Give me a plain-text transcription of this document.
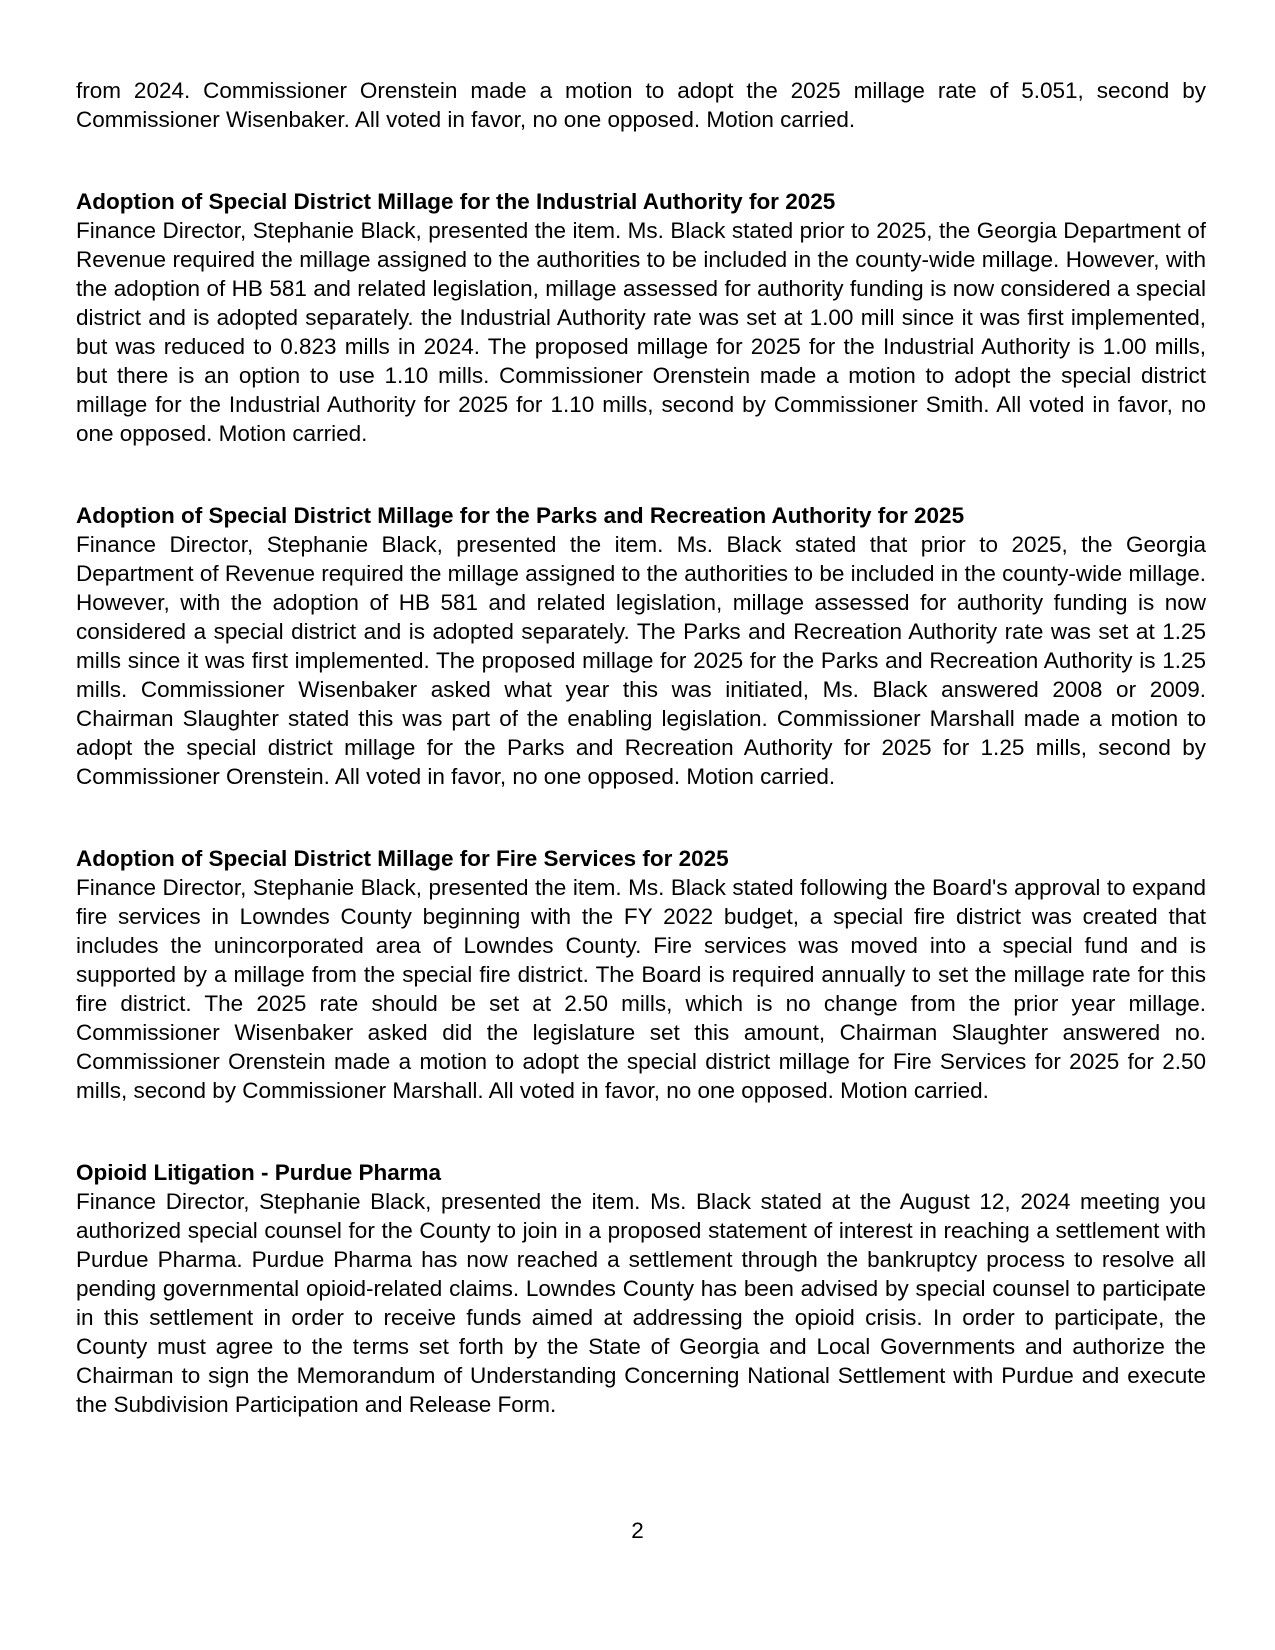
from 2024. Commissioner Orenstein made a motion to adopt the 2025 millage rate of 5.051, second by Commissioner Wisenbaker. All voted in favor, no one opposed. Motion carried.

Adoption of Special District Millage for the Industrial Authority for 2025

Finance Director, Stephanie Black, presented the item. Ms. Black stated prior to 2025, the Georgia Department of Revenue required the millage assigned to the authorities to be included in the county-wide millage. However, with the adoption of HB 581 and related legislation, millage assessed for authority funding is now considered a special district and is adopted separately. the Industrial Authority rate was set at 1.00 mill since it was first implemented, but was reduced to 0.823 mills in 2024. The proposed millage for 2025 for the Industrial Authority is 1.00 mills, but there is an option to use 1.10 mills. Commissioner Orenstein made a motion to adopt the special district millage for the Industrial Authority for 2025 for 1.10 mills, second by Commissioner Smith. All voted in favor, no one opposed. Motion carried.

Adoption of Special District Millage for the Parks and Recreation Authority for 2025

Finance Director, Stephanie Black, presented the item. Ms. Black stated that prior to 2025, the Georgia Department of Revenue required the millage assigned to the authorities to be included in the county-wide millage. However, with the adoption of HB 581 and related legislation, millage assessed for authority funding is now considered a special district and is adopted separately. The Parks and Recreation Authority rate was set at 1.25 mills since it was first implemented. The proposed millage for 2025 for the Parks and Recreation Authority is 1.25 mills. Commissioner Wisenbaker asked what year this was initiated, Ms. Black answered 2008 or 2009. Chairman Slaughter stated this was part of the enabling legislation. Commissioner Marshall made a motion to adopt the special district millage for the Parks and Recreation Authority for 2025 for 1.25 mills, second by Commissioner Orenstein. All voted in favor, no one opposed. Motion carried.

Adoption of Special District Millage for Fire Services for 2025

Finance Director, Stephanie Black, presented the item. Ms. Black stated following the Board's approval to expand fire services in Lowndes County beginning with the FY 2022 budget, a special fire district was created that includes the unincorporated area of Lowndes County. Fire services was moved into a special fund and is supported by a millage from the special fire district. The Board is required annually to set the millage rate for this fire district. The 2025 rate should be set at 2.50 mills, which is no change from the prior year millage. Commissioner Wisenbaker asked did the legislature set this amount, Chairman Slaughter answered no. Commissioner Orenstein made a motion to adopt the special district millage for Fire Services for 2025 for 2.50 mills, second by Commissioner Marshall. All voted in favor, no one opposed. Motion carried.

Opioid Litigation - Purdue Pharma

Finance Director, Stephanie Black, presented the item. Ms. Black stated at the August 12, 2024 meeting you authorized special counsel for the County to join in a proposed statement of interest in reaching a settlement with Purdue Pharma. Purdue Pharma has now reached a settlement through the bankruptcy process to resolve all pending governmental opioid-related claims. Lowndes County has been advised by special counsel to participate in this settlement in order to receive funds aimed at addressing the opioid crisis. In order to participate, the County must agree to the terms set forth by the State of Georgia and Local Governments and authorize the Chairman to sign the Memorandum of Understanding Concerning National Settlement with Purdue and execute the Subdivision Participation and Release Form.

2
